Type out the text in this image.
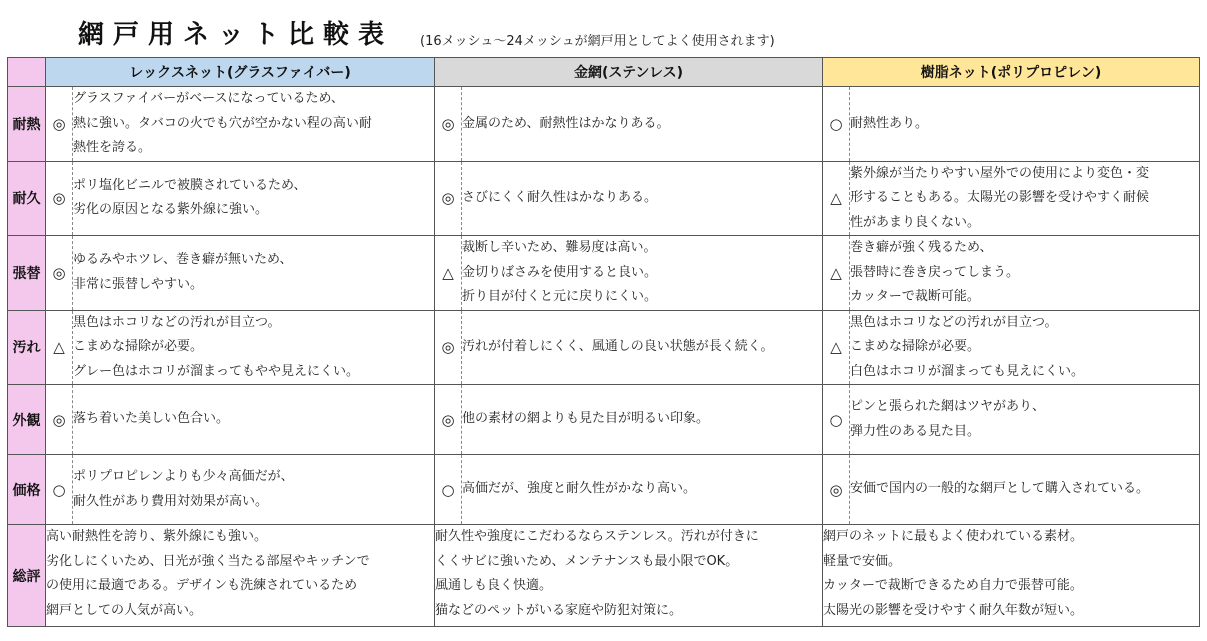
網戸用ネット比較表 (16メッシュ〜24メッシュが網戸用としてよく使用されます)
	レックスネット(グラスファイバー)		金網(ステンレス)		樹脂ネット(ポリプロピレン)	
耐熱	◎	グラスファイバーがベースになっているため、
熱に強い。タバコの火でも穴が空かない程の高い耐
熱性を誇る。	◎	金属のため、耐熱性はかなりある。	○	耐熱性あり。

耐久	◎	ポリ塩化ビニルで被膜されているため、
劣化の原因となる紫外線に強い。	◎	さびにくく耐久性はかなりある。	△	紫外線が当たりやすい屋外での使用により変色・変
形することもある。太陽光の影響を受けやすく耐候
性があまり良くない。

張替	◎	ゆるみやホツレ、巻き癖が無いため、
非常に張替しやすい。	△	裁断し辛いため、難易度は高い。
金切りばさみを使用すると良い。
折り目が付くと元に戻りにくい。	△	巻き癖が強く残るため、
張替時に巻き戻ってしまう。
カッターで裁断可能。

汚れ	△	黒色はホコリなどの汚れが目立つ。
こまめな掃除が必要。
グレー色はホコリが溜まってもやや見えにくい。	◎	汚れが付着しにくく、風通しの良い状態が長く続く。	△	黒色はホコリなどの汚れが目立つ。
こまめな掃除が必要。
白色はホコリが溜まっても見えにくい。

外観	◎	落ち着いた美しい色合い。	◎	他の素材の網よりも見た目が明るい印象。	○	ピンと張られた網はツヤがあり、
弾力性のある見た目。

価格	○	ポリプロピレンよりも少々高価だが、
耐久性があり費用対効果が高い。	○	高価だが、強度と耐久性がかなり高い。	◎	安価で国内の一般的な網戸として購入されている。

総評	高い耐熱性を誇り、紫外線にも強い。
劣化しにくいため、日光が強く当たる部屋やキッチンで
の使用に最適である。デザインも洗練されているため
網戸としての人気が高い。		耐久性や強度にこだわるならステンレス。汚れが付きに
くくサビに強いため、メンテナンスも最小限でOK。
風通しも良く快適。
猫などのペットがいる家庭や防犯対策に。		網戸のネットに最もよく使われている素材。
軽量で安価。
カッターで裁断できるため自力で張替可能。
太陽光の影響を受けやすく耐久年数が短い。	
